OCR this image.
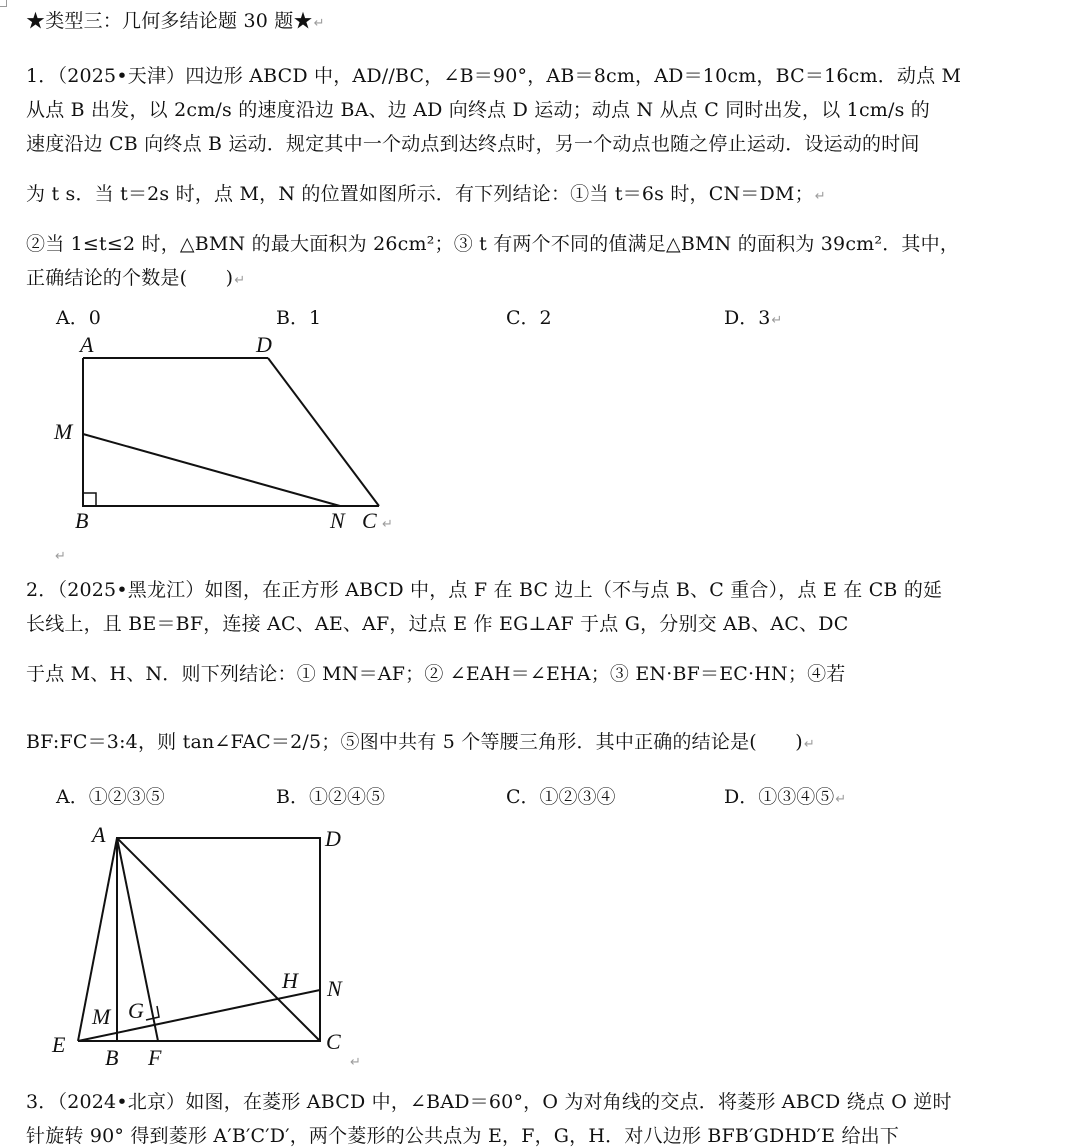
★类型三：几何多结论题 30 题★↵
1．（2025•天津）四边形 ABCD 中，AD//BC，∠B＝90°，AB＝8cm，AD＝10cm，BC＝16cm．动点 M
从点 B 出发，以 2cm/s 的速度沿边 BA、边 AD 向终点 D 运动；动点 N 从点 C 同时出发，以 1cm/s 的
速度沿边 CB 向终点 B 运动．规定其中一个动点到达终点时，另一个动点也随之停止运动．设运动的时间
为 t s．当 t＝2s 时，点 M，N 的位置如图所示．有下列结论：①当 t＝6s 时，CN＝DM；↵
②当 1≤t≤2 时，△BMN 的最大面积为 26cm²；③ t 有两个不同的值满足△BMN 的面积为 39cm²．其中，
正确结论的个数是(　　)↵
A．0	B．1	C．2	D．3↵
A	D
M
B	N C ↵
↵
2．（2025•黑龙江）如图，在正方形 ABCD 中，点 F 在 BC 边上（不与点 B、C 重合），点 E 在 CB 的延
长线上，且 BE＝BF，连接 AC、AE、AF，过点 E 作 EG⊥AF 于点 G，分别交 AB、AC、DC
于点 M、H、N．则下列结论：① MN＝AF；② ∠EAH＝∠EHA；③ EN·BF＝EC·HN；④若
BF:FC＝3:4，则 tan∠FAC＝2/5；⑤图中共有 5 个等腰三角形．其中正确的结论是(　　)↵
A．①②③⑤	B．①②④⑤	C．①②③④	D．①③④⑤↵
A	D
H N
M G
E
B F
C
↵
3．（2024•北京）如图，在菱形 ABCD 中，∠BAD＝60°，O 为对角线的交点．将菱形 ABCD 绕点 O 逆时
针旋转 90° 得到菱形 A′B′C′D′，两个菱形的公共点为 E，F，G，H．对八边形 BFB′GDHD′E 给出下
